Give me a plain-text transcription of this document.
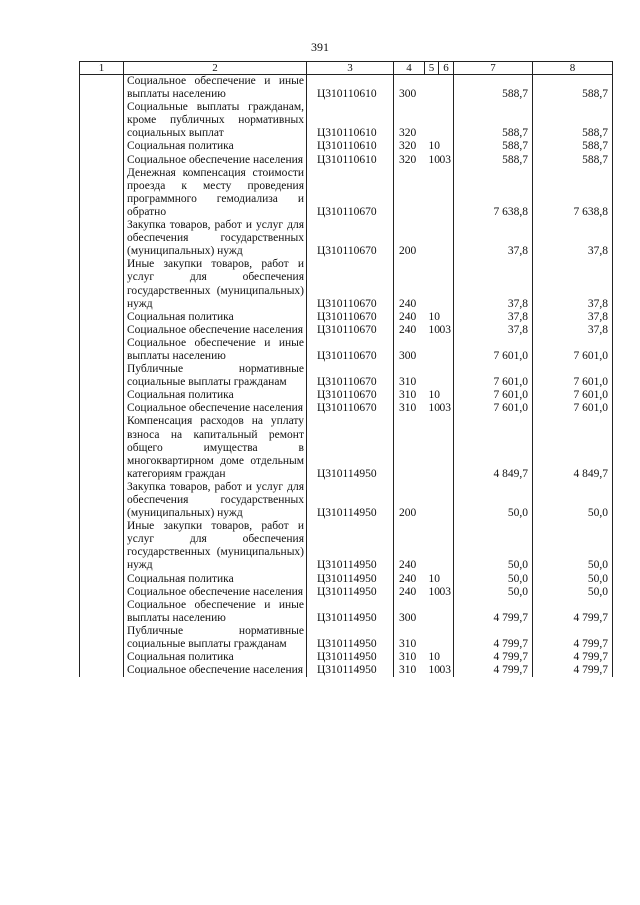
391
1	2	3	4	5	6	7	8
	Социальное обеспечение и иные выплаты населению	Ц310110610	300			588,7	588,7
	Социальные выплаты гражданам, кроме публичных нормативных социальных выплат	Ц310110610	320			588,7	588,7
	Социальная политика	Ц310110610	320	10		588,7	588,7
	Социальное обеспечение населения	Ц310110610	320	10	03	588,7	588,7
	Денежная компенсация стоимости проезда к месту проведения программного гемодиализа и обратно	Ц310110670				7 638,8	7 638,8
	Закупка товаров, работ и услуг для обеспечения государственных (муниципальных) нужд	Ц310110670	200			37,8	37,8
	Иные закупки товаров, работ и услуг для обеспечения государственных (муниципальных) нужд	Ц310110670	240			37,8	37,8
	Социальная политика	Ц310110670	240	10		37,8	37,8
	Социальное обеспечение населения	Ц310110670	240	10	03	37,8	37,8
	Социальное обеспечение и иные выплаты населению	Ц310110670	300			7 601,0	7 601,0
	Публичные нормативные социальные выплаты гражданам	Ц310110670	310			7 601,0	7 601,0
	Социальная политика	Ц310110670	310	10		7 601,0	7 601,0
	Социальное обеспечение населения	Ц310110670	310	10	03	7 601,0	7 601,0
	Компенсация расходов на уплату взноса на капитальный ремонт общего имущества в многоквартирном доме отдельным категориям граждан	Ц310114950				4 849,7	4 849,7
	Закупка товаров, работ и услуг для обеспечения государственных (муниципальных) нужд	Ц310114950	200			50,0	50,0
	Иные закупки товаров, работ и услуг для обеспечения государственных (муниципальных) нужд	Ц310114950	240			50,0	50,0
	Социальная политика	Ц310114950	240	10		50,0	50,0
	Социальное обеспечение населения	Ц310114950	240	10	03	50,0	50,0
	Социальное обеспечение и иные выплаты населению	Ц310114950	300			4 799,7	4 799,7
	Публичные нормативные социальные выплаты гражданам	Ц310114950	310			4 799,7	4 799,7
	Социальная политика	Ц310114950	310	10		4 799,7	4 799,7
	Социальное обеспечение населения	Ц310114950	310	10	03	4 799,7	4 799,7
